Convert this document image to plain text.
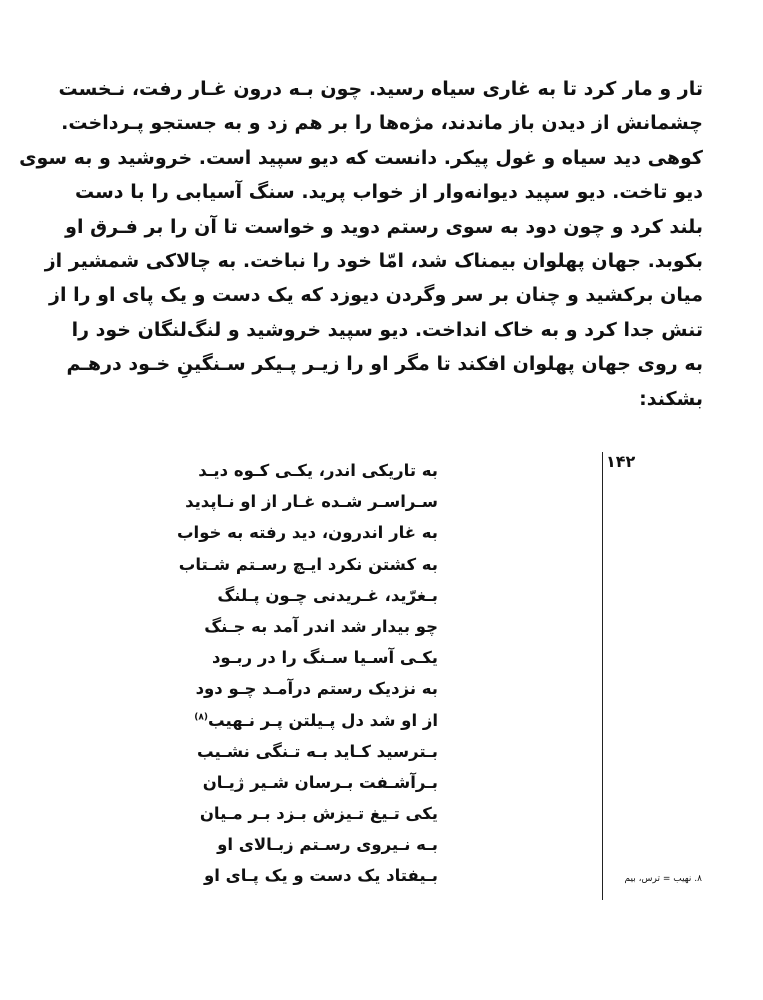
تار و مار کرد تا به غاری سیاه رسید. چون بـه درون غـار رفت، نـخست
چشمانش از دیدن باز ماندند، مژه‌ها را بر هم زد و به جستجو پـرداخت.
کوهی دید سیاه و غول پیکر. دانست که دیو سپید است. خروشید و به سوی
دیو تاخت. دیو سپید دیوانه‌وار از خواب پرید. سنگ آسیابی را با دست
بلند کرد و چون دود به سوی رستم دوید و خواست تا آن را بر فـرق او
بکوبد. جهان پهلوان بیمناک شد، امّا خود را نباخت. به چالاکی شمشیر از
میان برکشید و چنان بر سر وگردن دیوزد که یک دست و یک پای او را از
تنش جدا کرد و به خاک انداخت. دیو سپید خروشید و لنگ‌لنگان خود را
به روی جهان پهلوان افکند تا مگر او را زیـر پـیکر سـنگینِ خـود درهـم
بشکند:
۱۴۲
به تاریکی اندر، یکـی کـوه دیـد
سـراسـر شـده غـار از او نـاپدید
به غار اندرون، دید رفته به خواب
به کشتن نکرد ایـچ رسـتم شـتاب
بـغرّید، غـریدنی چـون پـلنگ
چو بیدار شد اندر آمد به جـنگ
یکـی آسـیا سـنگ را در ربـود
به نزدیک رستم درآمـد چـو دود
از او شد دل پـیلتن پـر نـهیب$^{(۸)}$
بـترسید کـاید بـه تـنگی نشـیب
بـرآشـفت بـرسان شـیر ژیـان
یکی تـیغ تـیزش بـزد بـر مـیان
بـه نـیروی رسـتم زبـالای او
بـیفتاد یک دست و یک پـای او	۸. نهیب = ترس، بیم
